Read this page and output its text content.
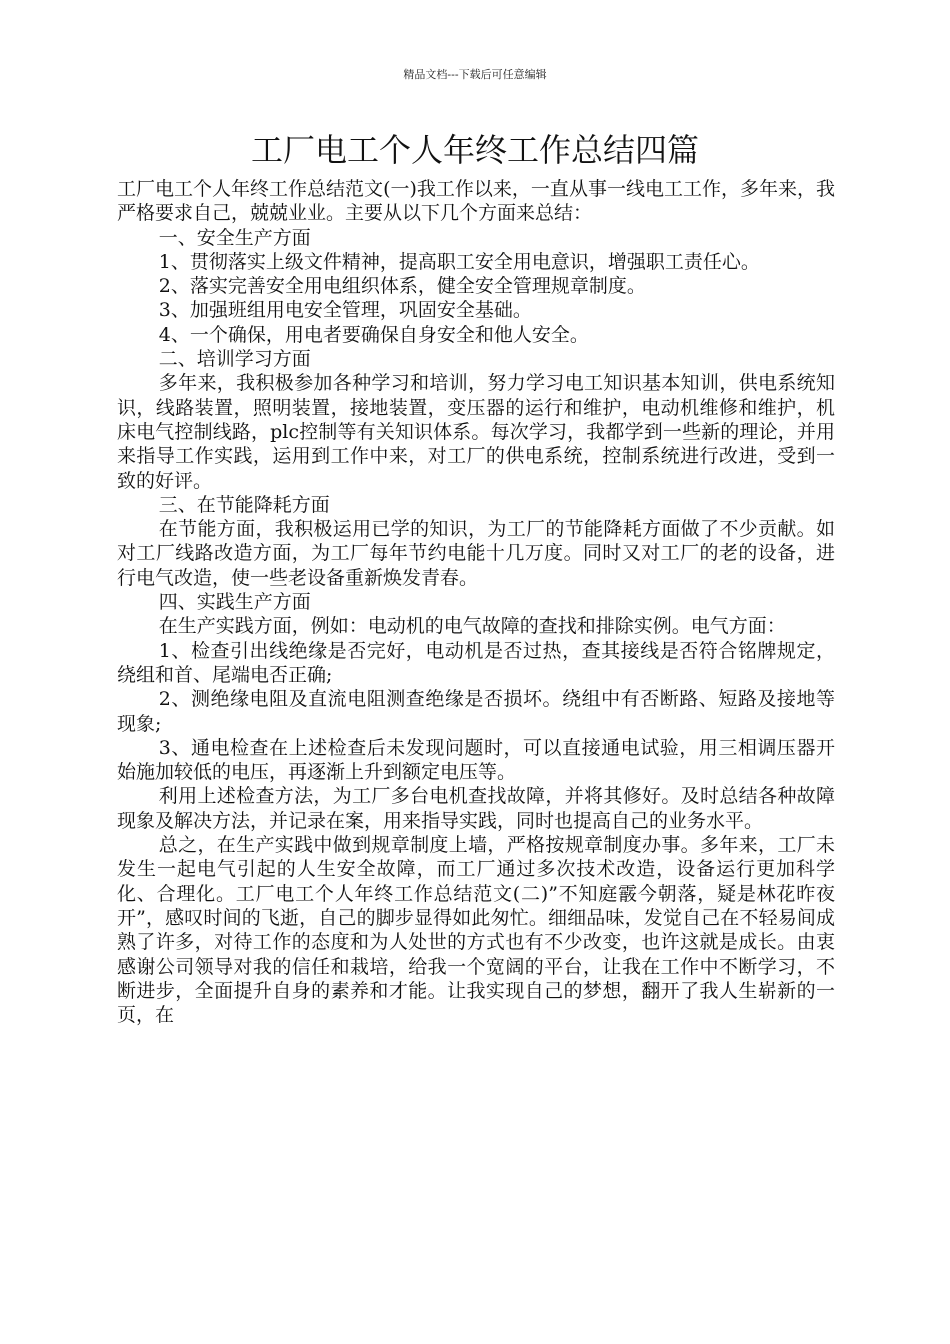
精品文档---下载后可任意编辑
工厂电工个人年终工作总结四篇

工厂电工个人年终工作总结范文(一)我工作以来，一直从事一线电工工作，多年来，我严格要求自己，兢兢业业。主要从以下几个方面来总结：

一、安全生产方面

1、贯彻落实上级文件精神，提高职工安全用电意识，增强职工责任心。

2、落实完善安全用电组织体系，健全安全管理规章制度。

3、加强班组用电安全管理，巩固安全基础。

4、一个确保，用电者要确保自身安全和他人安全。

二、培训学习方面

多年来，我积极参加各种学习和培训，努力学习电工知识基本知训，供电系统知识，线路装置，照明装置，接地装置，变压器的运行和维护，电动机维修和维护，机床电气控制线路，plc控制等有关知识体系。每次学习，我都学到一些新的理论，并用来指导工作实践，运用到工作中来，对工厂的供电系统，控制系统进行改进，受到一致的好评。

三、在节能降耗方面

在节能方面，我积极运用已学的知识，为工厂的节能降耗方面做了不少贡献。如对工厂线路改造方面，为工厂每年节约电能十几万度。同时又对工厂的老的设备，进行电气改造，使一些老设备重新焕发青春。

四、实践生产方面

在生产实践方面，例如：电动机的电气故障的查找和排除实例。电气方面：

1、检查引出线绝缘是否完好，电动机是否过热，查其接线是否符合铭牌规定，绕组和首、尾端电否正确;

2、测绝缘电阻及直流电阻测查绝缘是否损坏。绕组中有否断路、短路及接地等现象;

3、通电检查在上述检查后未发现问题时，可以直接通电试验，用三相调压器开始施加较低的电压，再逐渐上升到额定电压等。

利用上述检查方法，为工厂多台电机查找故障，并将其修好。及时总结各种故障现象及解决方法，并记录在案，用来指导实践，同时也提高自己的业务水平。

总之，在生产实践中做到规章制度上墙，严格按规章制度办事。多年来，工厂未发生一起电气引起的人生安全故障，而工厂通过多次技术改造，设备运行更加科学化、合理化。工厂电工个人年终工作总结范文(二)”不知庭霰今朝落，疑是林花昨夜开”，感叹时间的飞逝，自己的脚步显得如此匆忙。细细品味，发觉自己在不轻易间成熟了许多，对待工作的态度和为人处世的方式也有不少改变，也许这就是成长。由衷感谢公司领导对我的信任和栽培，给我一个宽阔的平台，让我在工作中不断学习，不断进步，全面提升自身的素养和才能。让我实现自己的梦想，翻开了我人生崭新的一页，在
